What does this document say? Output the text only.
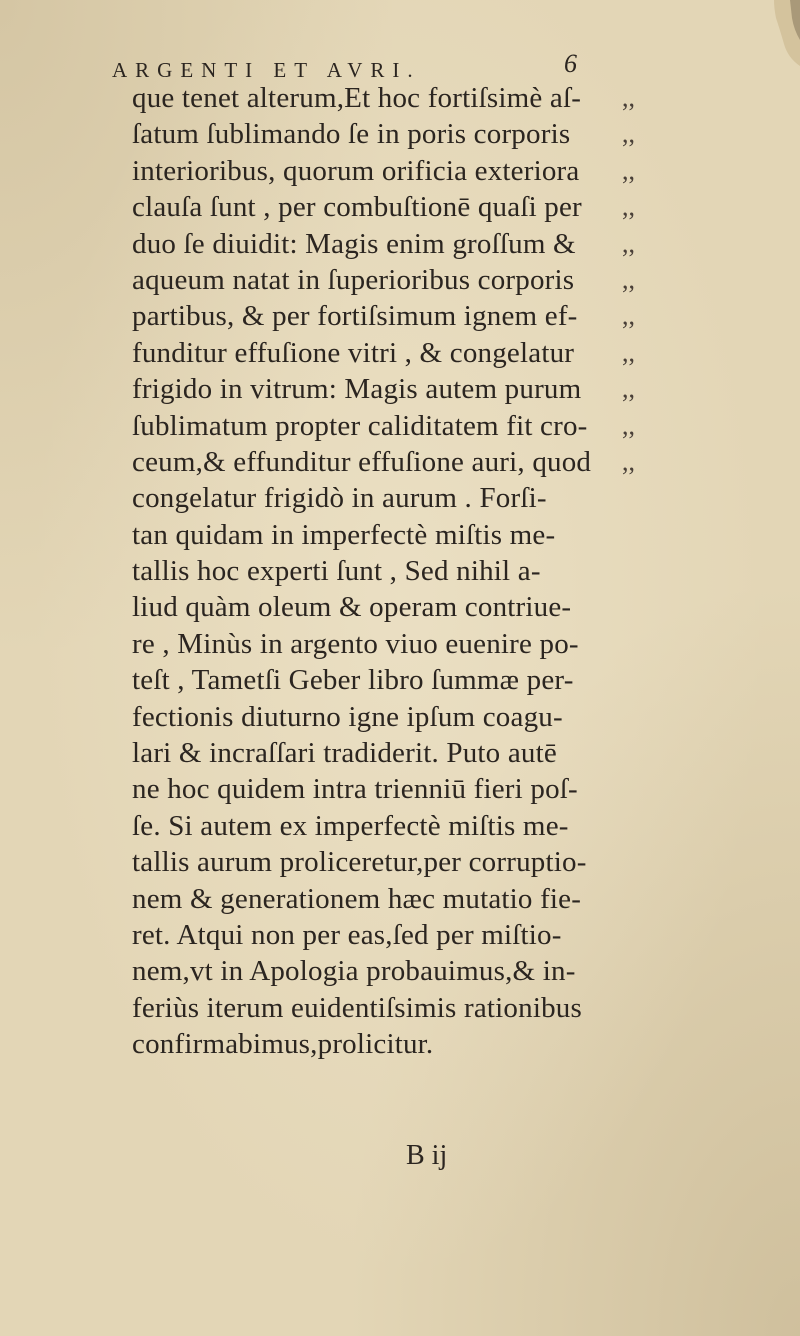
ARGENTI ET AVRI.	6
que tenet alterum,Et hoc fortiſsimè aſ-
ſatum ſublimando ſe in poris corporis
interioribus, quorum orificia exteriora
clauſa ſunt , per combuſtionē quaſi per
duo ſe diuidit: Magis enim groſſum &
aqueum natat in ſuperioribus corporis
partibus, & per fortiſsimum ignem ef-
funditur effuſione vitri , & congelatur
frigido in vitrum: Magis autem purum
ſublimatum propter caliditatem fit cro-
ceum,& effunditur effuſione auri, quod
congelatur frigidò in aurum . Forſi-
tan quidam in imperfectè miſtis me-
tallis hoc experti ſunt , Sed nihil a-
liud quàm oleum & operam contriue-
re , Minùs in argento viuo euenire po-
teſt , Tametſi Geber libro ſummæ per-
fectionis diuturno igne ipſum coagu-
lari & incraſſari tradiderit. Puto autē
ne hoc quidem intra trienniū fieri poſ-
ſe. Si autem ex imperfectè miſtis me-
tallis aurum proliceretur,per corruptio-
nem & generationem hæc mutatio fie-
ret. Atqui non per eas,ſed per miſtio-
nem,vt in Apologia probauimus,& in-
feriùs iterum euidentiſsimis rationibus
confirmabimus,prolicitur.
,,
,,
,,
,,
,,
,,
,,
,,
,,
,,
,,
B ij
